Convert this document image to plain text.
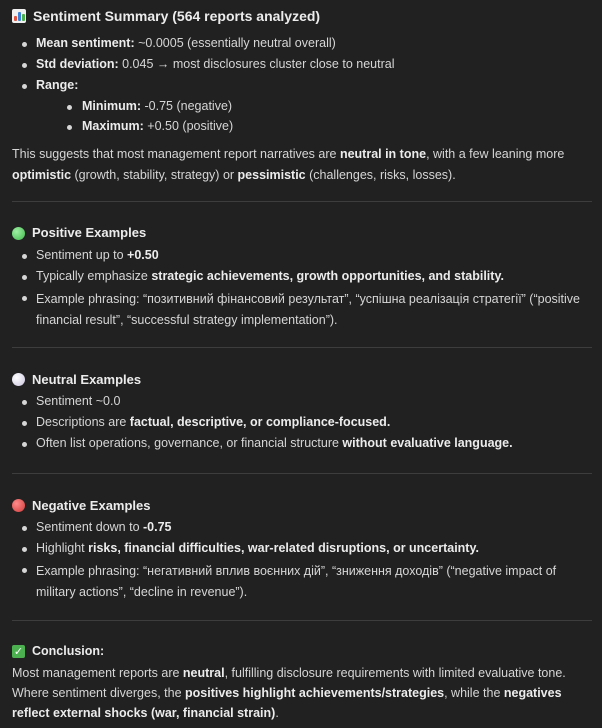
Sentiment Summary (564 reports analyzed)
Mean sentiment: ~0.0005 (essentially neutral overall)
Std deviation: 0.045 → most disclosures cluster close to neutral
Range:
Minimum: -0.75 (negative)
Maximum: +0.50 (positive)

This suggests that most management report narratives are neutral in tone, with a few leaning more optimistic (growth, stability, strategy) or pessimistic (challenges, risks, losses).

Positive Examples
Sentiment up to +0.50
Typically emphasize strategic achievements, growth opportunities, and stability.
Example phrasing: “позитивний фінансовий результат”, “успішна реалізація стратегії” (“positive financial result”, “successful strategy implementation”).
Neutral Examples
Sentiment ~0.0
Descriptions are factual, descriptive, or compliance-focused.
Often list operations, governance, or financial structure without evaluative language.
Negative Examples
Sentiment down to -0.75
Highlight risks, financial difficulties, war-related disruptions, or uncertainty.
Example phrasing: “негативний вплив воєнних дій”, “зниження доходів” (“negative impact of military actions”, “decline in revenue”).
✓ Conclusion:

Most management reports are neutral, fulfilling disclosure requirements with limited evaluative tone. Where sentiment diverges, the positives highlight achievements/strategies, while the negatives reflect external shocks (war, financial strain).
